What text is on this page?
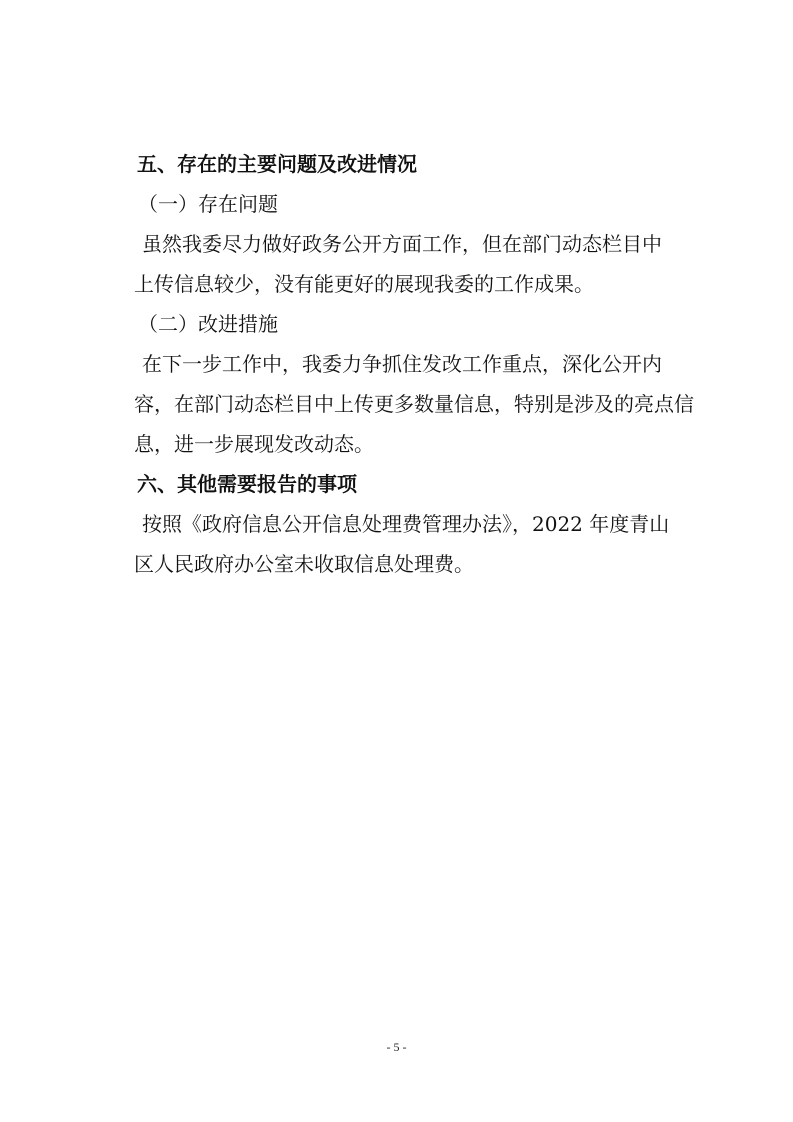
五、存在的主要问题及改进情况
（一）存在问题
虽然我委尽力做好政务公开方面工作，但在部门动态栏目中
上传信息较少，没有能更好的展现我委的工作成果。
（二）改进措施
在下一步工作中，我委力争抓住发改工作重点，深化公开内
容，在部门动态栏目中上传更多数量信息，特别是涉及的亮点信
息，进一步展现发改动态。
六、其他需要报告的事项
按照《政府信息公开信息处理费管理办法》，2022 年度青山
区人民政府办公室未收取信息处理费。
- 5 -
